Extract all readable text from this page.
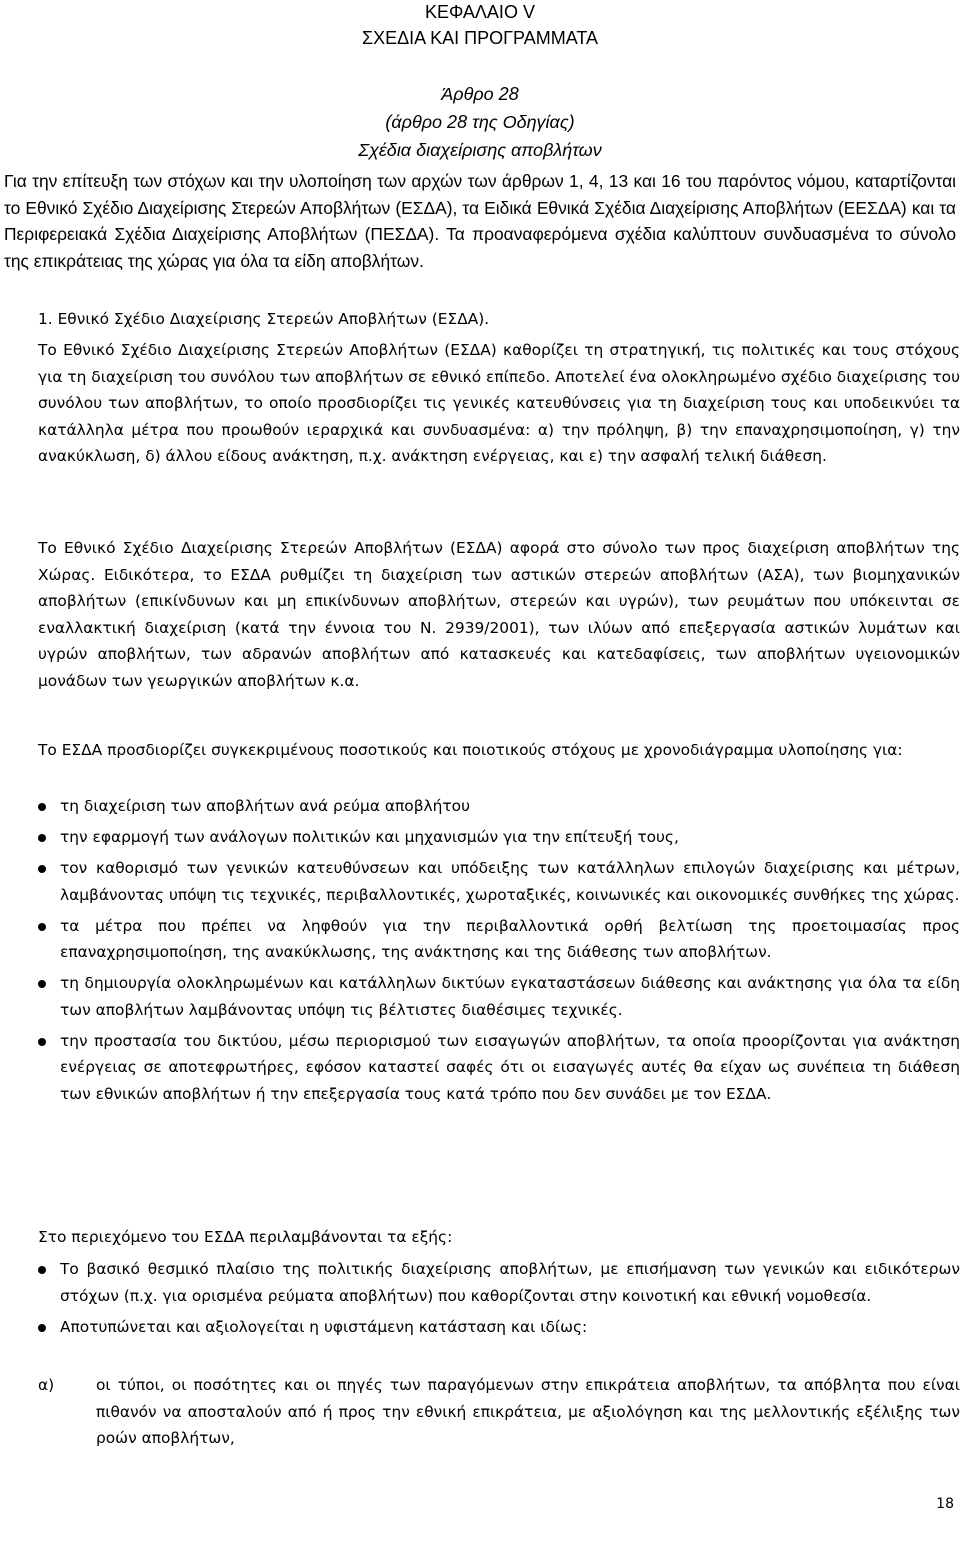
ΚΕΦΑΛΑΙΟ V
ΣΧΕΔΙΑ ΚΑΙ ΠΡΟΓΡΑΜΜΑΤΑ
Άρθρο 28
(άρθρο 28 της Οδηγίας)
Σχέδια διαχείρισης αποβλήτων

Για την επίτευξη των στόχων και την υλοποίηση των αρχών των άρθρων 1, 4, 13 και 16 του παρόντος νόμου, καταρτίζονται το Εθνικό Σχέδιο Διαχείρισης Στερεών Αποβλήτων (ΕΣΔΑ), τα Ειδικά Εθνικά Σχέδια Διαχείρισης Αποβλήτων (ΕΕΣΔΑ) και τα Περιφερειακά Σχέδια Διαχείρισης Αποβλήτων (ΠΕΣΔΑ). Τα προαναφερόμενα σχέδια καλύπτουν συνδυασμένα το σύνολο της επικράτειας της χώρας για όλα τα είδη αποβλήτων.

1. Εθνικό Σχέδιο Διαχείρισης Στερεών Αποβλήτων (ΕΣΔΑ).

Το Εθνικό Σχέδιο Διαχείρισης Στερεών Αποβλήτων (ΕΣΔΑ) καθορίζει τη στρατηγική, τις πολιτικές και τους στόχους για τη διαχείριση του συνόλου των αποβλήτων σε εθνικό επίπεδο. Αποτελεί ένα ολοκληρωμένο σχέδιο διαχείρισης του συνόλου των αποβλήτων, το οποίο προσδιορίζει τις γενικές κατευθύνσεις για τη διαχείριση τους και υποδεικνύει τα κατάλληλα μέτρα που προωθούν ιεραρχικά και συνδυασμένα: α) την πρόληψη, β) την επαναχρησιμοποίηση, γ) την ανακύκλωση, δ) άλλου είδους ανάκτηση, π.χ. ανάκτηση ενέργειας, και ε) την ασφαλή τελική διάθεση.

Το Εθνικό Σχέδιο Διαχείρισης Στερεών Αποβλήτων (ΕΣΔΑ) αφορά στο σύνολο των προς διαχείριση αποβλήτων της Χώρας. Ειδικότερα, το ΕΣΔΑ ρυθμίζει τη διαχείριση των αστικών στερεών αποβλήτων (ΑΣΑ), των βιομηχανικών αποβλήτων (επικίνδυνων και μη επικίνδυνων αποβλήτων, στερεών και υγρών), των ρευμάτων που υπόκεινται σε εναλλακτική διαχείριση (κατά την έννοια του Ν. 2939/2001), των ιλύων από επεξεργασία αστικών λυμάτων και υγρών αποβλήτων, των αδρανών αποβλήτων από κατασκευές και κατεδαφίσεις, των αποβλήτων υγειονομικών μονάδων των γεωργικών αποβλήτων κ.α.

Το ΕΣΔΑ προσδιορίζει συγκεκριμένους ποσοτικούς και ποιοτικούς στόχους με χρονοδιάγραμμα υλοποίησης για:

τη διαχείριση των αποβλήτων ανά ρεύμα αποβλήτου
την εφαρμογή των ανάλογων πολιτικών και μηχανισμών για την επίτευξή τους,
τον καθορισμό των γενικών κατευθύνσεων και υπόδειξης των κατάλληλων επιλογών διαχείρισης και μέτρων, λαμβάνοντας υπόψη τις τεχνικές, περιβαλλοντικές, χωροταξικές, κοινωνικές και οικονομικές συνθήκες της χώρας.
τα μέτρα που πρέπει να ληφθούν για την περιβαλλοντικά ορθή βελτίωση της προετοιμασίας προς επαναχρησιμοποίηση, της ανακύκλωσης, της ανάκτησης και της διάθεσης των αποβλήτων.
τη δημιουργία ολοκληρωμένων και κατάλληλων δικτύων εγκαταστάσεων διάθεσης και ανάκτησης για όλα τα είδη των αποβλήτων λαμβάνοντας υπόψη τις βέλτιστες διαθέσιμες τεχνικές.
την προστασία του δικτύου, μέσω περιορισμού των εισαγωγών αποβλήτων, τα οποία προορίζονται για ανάκτηση ενέργειας σε αποτεφρωτήρες, εφόσον καταστεί σαφές ότι οι εισαγωγές αυτές θα είχαν ως συνέπεια τη διάθεση των εθνικών αποβλήτων ή την επεξεργασία τους κατά τρόπο που δεν συνάδει με τον ΕΣΔΑ.

Στο περιεχόμενο του ΕΣΔΑ περιλαμβάνονται τα εξής:

Το βασικό θεσμικό πλαίσιο της πολιτικής διαχείρισης αποβλήτων, με επισήμανση των γενικών και ειδικότερων στόχων (π.χ. για ορισμένα ρεύματα αποβλήτων) που καθορίζονται στην κοινοτική και εθνική νομοθεσία.
Αποτυπώνεται και αξιολογείται η υφιστάμενη κατάσταση και ιδίως:
α)	οι τύποι, οι ποσότητες και οι πηγές των παραγόμενων στην επικράτεια αποβλήτων, τα απόβλητα που είναι πιθανόν να αποσταλούν από ή προς την εθνική επικράτεια, με αξιολόγηση και της μελλοντικής εξέλιξης των ροών αποβλήτων,

18
